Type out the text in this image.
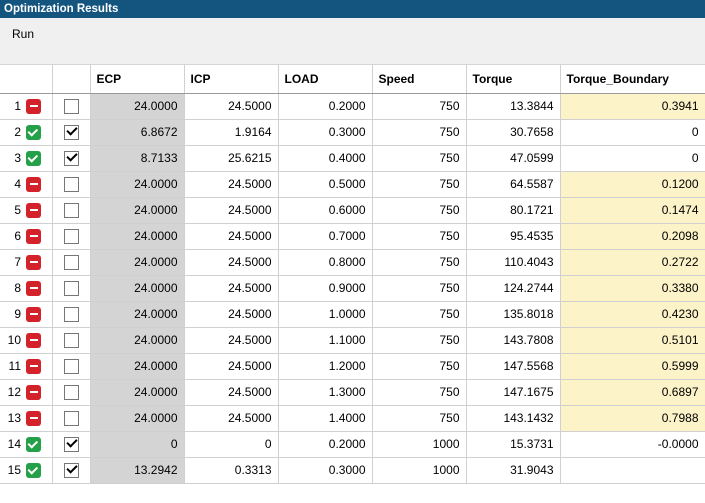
Optimization Results
Run
		ECP	ICP	LOAD	Speed	Torque	Torque_Boundary

1		24.0000	24.5000	0.2000	750	13.3844	0.3941

2		6.8672	1.9164	0.3000	750	30.7658	0

3		8.7133	25.6215	0.4000	750	47.0599	0

4		24.0000	24.5000	0.5000	750	64.5587	0.1200

5		24.0000	24.5000	0.6000	750	80.1721	0.1474

6		24.0000	24.5000	0.7000	750	95.4535	0.2098

7		24.0000	24.5000	0.8000	750	110.4043	0.2722

8		24.0000	24.5000	0.9000	750	124.2744	0.3380

9		24.0000	24.5000	1.0000	750	135.8018	0.4230

10		24.0000	24.5000	1.1000	750	143.7808	0.5101

11		24.0000	24.5000	1.2000	750	147.5568	0.5999

12		24.0000	24.5000	1.3000	750	147.1675	0.6897

13		24.0000	24.5000	1.4000	750	143.1432	0.7988

14		0	0	0.2000	1000	15.3731	-0.0000

15		13.2942	0.3313	0.3000	1000	31.9043	
